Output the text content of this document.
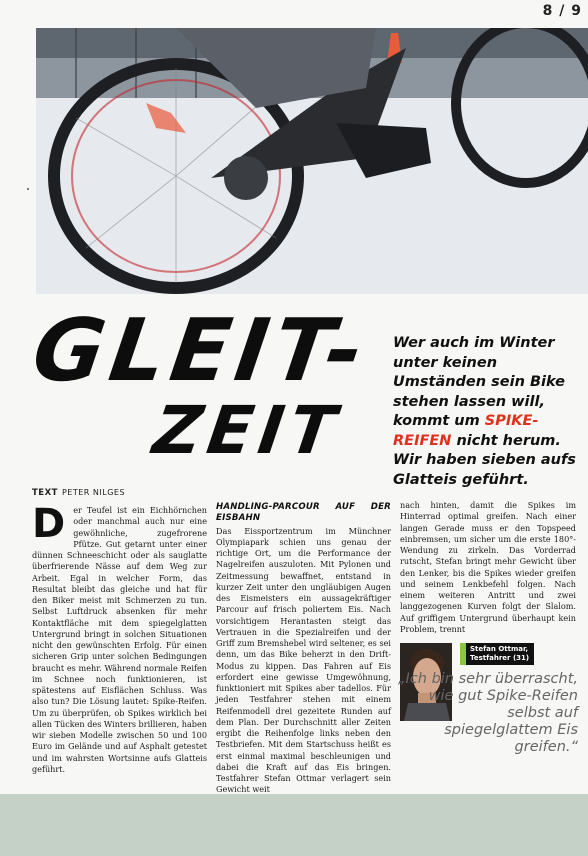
8 / 9
GLEIT-
ZEIT
Wer auch im Winter unter keinen Umständen sein Bike stehen lassen will, kommt um SPIKE-REIFEN nicht herum. Wir haben sieben aufs Glatteis geführt.
TEXT PETER NILGES
Der Teufel ist ein Eichhörnchen oder manchmal auch nur eine gewöhnliche, zugefrorene Pfütze. Gut getarnt unter einer dünnen Schneeschicht oder als sauglatte überfrierende Nässe auf dem Weg zur Arbeit. Egal in welcher Form, das Resultat bleibt das gleiche und hat für den Biker meist mit Schmerzen zu tun. Selbst Luftdruck absenken für mehr Kontaktfläche mit dem spiegelglatten Untergrund bringt in solchen Situationen nicht den gewünschten Erfolg. Für einen sicheren Grip unter solchen Bedingungen braucht es mehr. Während normale Reifen im Schnee noch funktionieren, ist spätestens auf Eisflächen Schluss. Was also tun? Die Lösung lautet: Spike-Reifen. Um zu überprüfen, ob Spikes wirklich bei allen Tücken des Winters brillieren, haben wir sieben Modelle zwischen 50 und 100 Euro im Gelände und auf Asphalt getestet und im wahrsten Wortsinne aufs Glatteis geführt.
HANDLING-PARCOUR AUF DER EISBAHN
Das Eissportzentrum im Münchner Olympiapark schien uns genau der richtige Ort, um die Performance der Nagelreifen auszuloten. Mit Pylonen und Zeitmessung bewaffnet, entstand in kurzer Zeit unter den ungläubigen Augen des Eismeisters ein aussagekräftiger Parcour auf frisch poliertem Eis. Nach vorsichtigem Herantasten steigt das Vertrauen in die Spezialreifen und der Griff zum Bremshebel wird seltener, es sei denn, um das Bike beherzt in den Drift-Modus zu kippen. Das Fahren auf Eis erfordert eine gewisse Umgewöhnung, funktioniert mit Spikes aber tadellos. Für jeden Testfahrer stehen mit einem Reifenmodell drei gezeitete Runden auf dem Plan. Der Durchschnitt aller Zeiten ergibt die Reihenfolge links neben den Testbriefen. Mit dem Startschuss heißt es erst einmal maximal beschleunigen und dabei die Kraft auf das Eis bringen. Testfahrer Stefan Ottmar verlagert sein Gewicht weit
nach hinten, damit die Spikes im Hinterrad optimal greifen. Nach einer langen Gerade muss er den Topspeed einbremsen, um sicher um die erste 180°-Wendung zu zirkeln. Das Vorderrad rutscht, Stefan bringt mehr Gewicht über den Lenker, bis die Spikes wieder greifen und seinem Lenkbefehl folgen. Nach einem weiteren Antritt und zwei langgezogenen Kurven folgt der Slalom. Auf griffigem Untergrund überhaupt kein Problem, trennt
Stefan Ottmar,
Testfahrer (31)
„Ich bin sehr überrascht, wie gut Spike-Reifen selbst auf spiegelglattem Eis greifen.“
